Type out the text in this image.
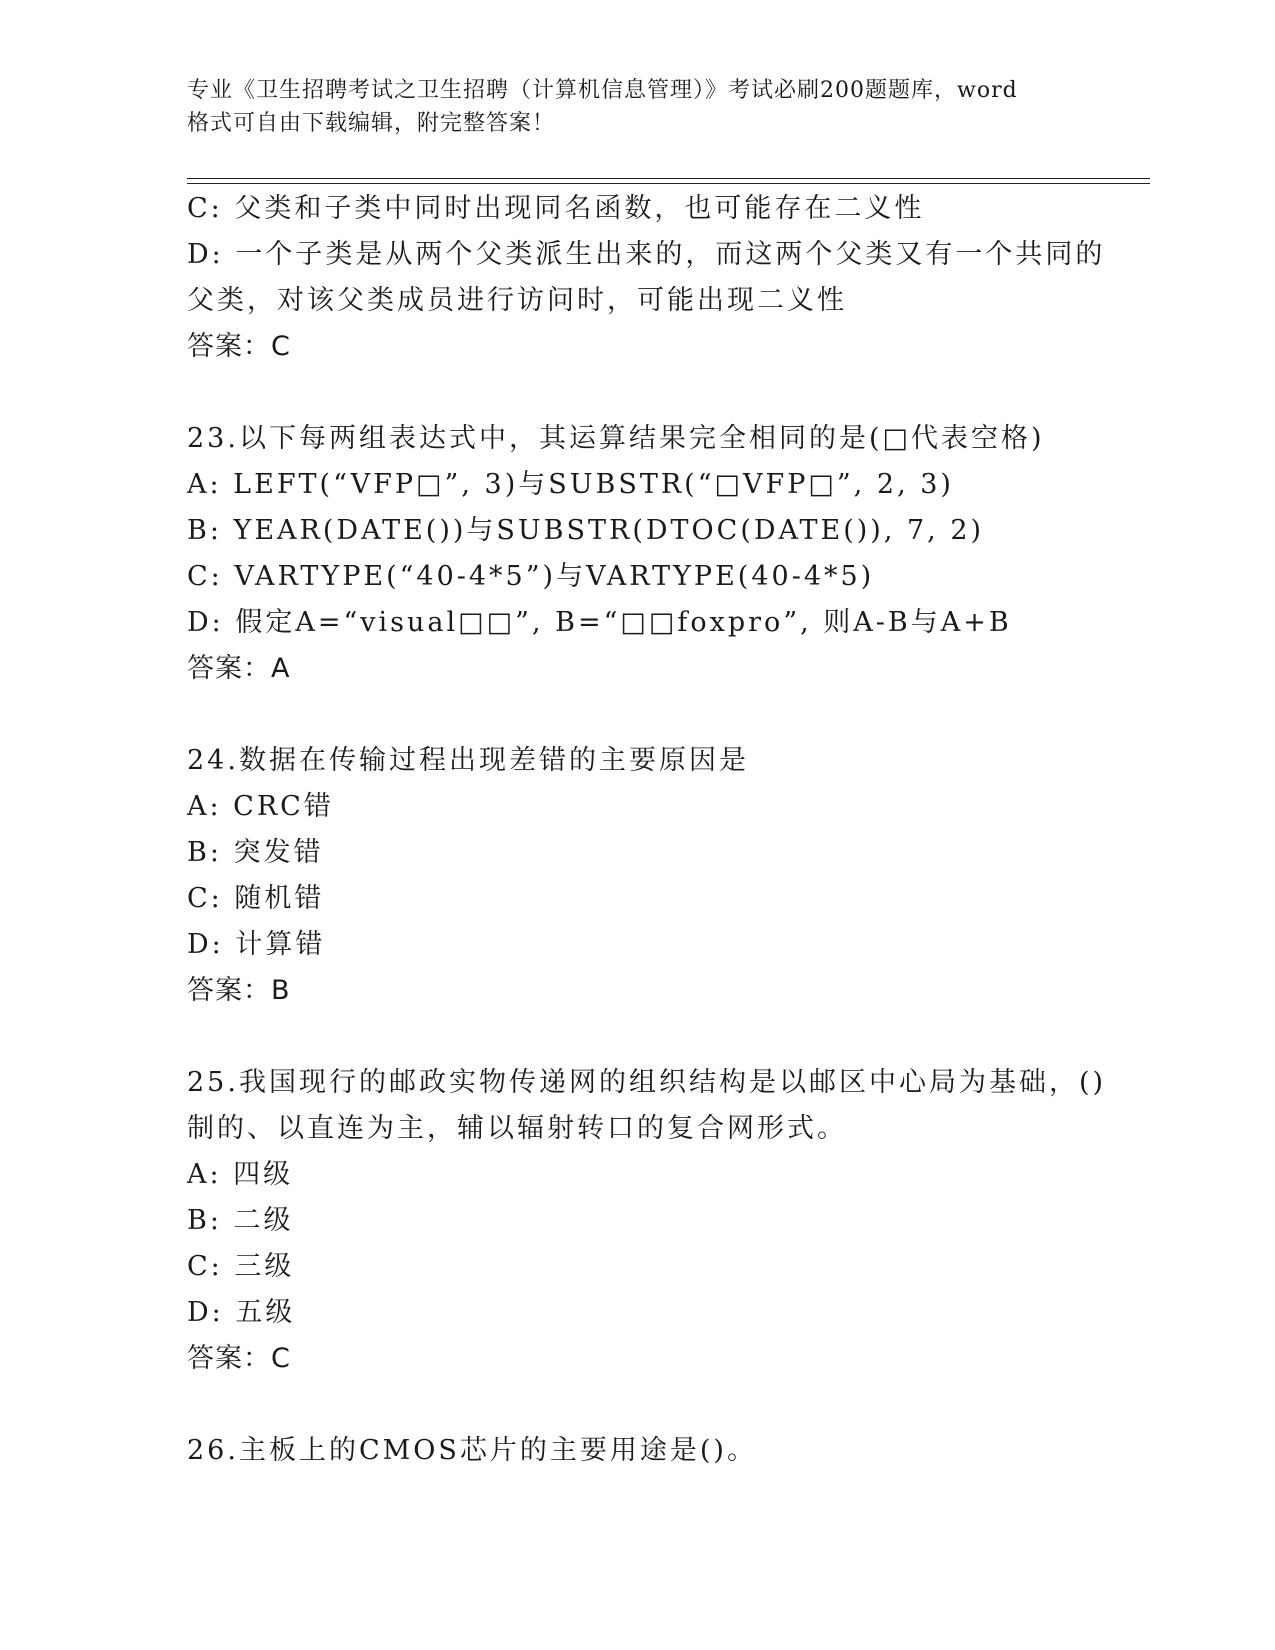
专业《卫生招聘考试之卫生招聘（计算机信息管理）》考试必刷200题题库，word
格式可自由下载编辑，附完整答案！
C: 父类和子类中同时出现同名函数，也可能存在二义性
D: 一个子类是从两个父类派生出来的，而这两个父类又有一个共同的
父类，对该父类成员进行访问时，可能出现二义性
答案：C
23.以下每两组表达式中，其运算结果完全相同的是(□代表空格)
A: LEFT(“VFP□”, 3)与SUBSTR(“□VFP□”, 2, 3)
B: YEAR(DATE())与SUBSTR(DTOC(DATE()), 7, 2)
C: VARTYPE(“40-4*5”)与VARTYPE(40-4*5)
D: 假定A=“visual□□”, B=“□□foxpro”, 则A-B与A+B
答案：A
24.数据在传输过程出现差错的主要原因是
A: CRC错
B: 突发错
C: 随机错
D: 计算错
答案：B
25.我国现行的邮政实物传递网的组织结构是以邮区中心局为基础，()
制的、以直连为主，辅以辐射转口的复合网形式。
A: 四级
B: 二级
C: 三级
D: 五级
答案：C
26.主板上的CMOS芯片的主要用途是()。
